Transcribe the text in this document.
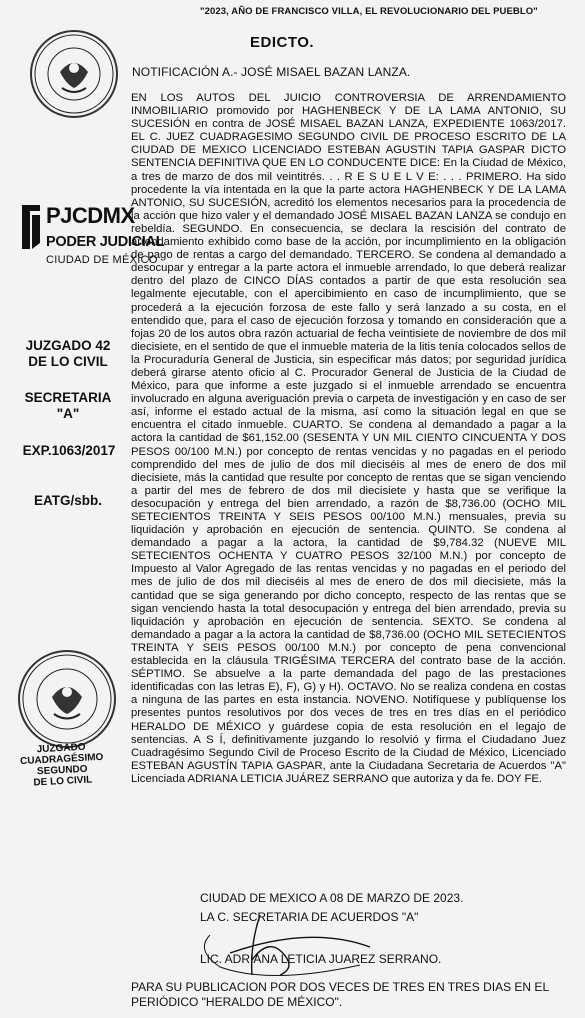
"2023, AÑO DE FRANCISCO VILLA, EL REVOLUCIONARIO DEL PUEBLO"
EDICTO.
NOTIFICACIÓN A.- JOSÉ MISAEL BAZAN LANZA.
PJCDMX
PODER JUDICIAL
CIUDAD DE MÉXICO
JUZGADO 42
DE LO CIVIL
SECRETARIA
"A"
EXP.1063/2017
EATG/sbb.
JUZGADO CUADRAGÉSIMO SEGUNDO
DE LO CIVIL
EN LOS AUTOS DEL JUICIO CONTROVERSIA DE ARRENDAMIENTO INMOBILIARIO promovido por HAGHENBECK Y DE LA LAMA ANTONIO, SU SUCESIÓN en contra de JOSÉ MISAEL BAZAN LANZA, EXPEDIENTE 1063/2017. EL C. JUEZ CUADRAGESIMO SEGUNDO CIVIL DE PROCESO ESCRITO DE LA CIUDAD DE MEXICO LICENCIADO ESTEBAN AGUSTIN TAPIA GASPAR DICTO SENTENCIA DEFINITIVA QUE EN LO CONDUCENTE DICE: En la Ciudad de México, a tres de marzo de dos mil veintitrés. . . R E S U E L V E: . . . PRIMERO. Ha sido procedente la vía intentada en la que la parte actora HAGHENBECK Y DE LA LAMA ANTONIO, SU SUCESIÓN, acreditó los elementos necesarios para la procedencia de la acción que hizo valer y el demandado JOSÉ MISAEL BAZAN LANZA se condujo en rebeldía. SEGUNDO. En consecuencia, se declara la rescisión del contrato de arrendamiento exhibido como base de la acción, por incumplimiento en la obligación de pago de rentas a cargo del demandado. TERCERO. Se condena al demandado a desocupar y entregar a la parte actora el inmueble arrendado, lo que deberá realizar dentro del plazo de CINCO DÍAS contados a partir de que esta resolución sea legalmente ejecutable, con el apercibimiento en caso de incumplimiento, que se procederá a la ejecución forzosa de este fallo y será lanzado a su costa, en el entendido que, para el caso de ejecución forzosa y tomando en consideración que a fojas 20 de los autos obra razón actuarial de fecha veintisiete de noviembre de dos mil diecisiete, en el sentido de que el inmueble materia de la litis tenía colocados sellos de la Procuraduría General de Justicia, sin especificar más datos; por seguridad jurídica deberá girarse atento oficio al C. Procurador General de Justicia de la Ciudad de México, para que informe a este juzgado si el inmueble arrendado se encuentra involucrado en alguna averiguación previa o carpeta de investigación y en caso de ser así, informe el estado actual de la misma, así como la situación legal en que se encuentra el citado inmueble. CUARTO. Se condena al demandado a pagar a la actora la cantidad de $61,152.00 (SESENTA Y UN MIL CIENTO CINCUENTA Y DOS PESOS 00/100 M.N.) por concepto de rentas vencidas y no pagadas en el periodo comprendido del mes de julio de dos mil dieciséis al mes de enero de dos mil diecisiete, más la cantidad que resulte por concepto de rentas que se sigan venciendo a partir del mes de febrero de dos mil diecisiete y hasta que se verifique la desocupación y entrega del bien arrendado, a razón de $8,736.00 (OCHO MIL SETECIENTOS TREINTA Y SEIS PESOS 00/100 M.N.) mensuales, previa su liquidación y aprobación en ejecución de sentencia. QUINTO. Se condena al demandado a pagar a la actora, la cantidad de $9,784.32 (NUEVE MIL SETECIENTOS OCHENTA Y CUATRO PESOS 32/100 M.N.) por concepto de Impuesto al Valor Agregado de las rentas vencidas y no pagadas en el periodo del mes de julio de dos mil dieciséis al mes de enero de dos mil diecisiete, más la cantidad que se siga generando por dicho concepto, respecto de las rentas que se sigan venciendo hasta la total desocupación y entrega del bien arrendado, previa su liquidación y aprobación en ejecución de sentencia. SEXTO. Se condena al demandado a pagar a la actora la cantidad de $8,736.00 (OCHO MIL SETECIENTOS TREINTA Y SEIS PESOS 00/100 M.N.) por concepto de pena convencional establecida en la cláusula TRIGÉSIMA TERCERA del contrato base de la acción. SÉPTIMO. Se absuelve a la parte demandada del pago de las prestaciones identificadas con las letras E), F), G) y H). OCTAVO. No se realiza condena en costas a ninguna de las partes en esta instancia. NOVENO. Notifíquese y publíquense los presentes puntos resolutivos por dos veces de tres en tres días en el periódico HERALDO DE MÉXICO y guárdese copia de esta resolución en el legajo de sentencias. A S Í, definitivamente juzgando lo resolvió y firma el Ciudadano Juez Cuadragésimo Segundo Civil de Proceso Escrito de la Ciudad de México, Licenciado ESTEBAN AGUSTÍN TAPIA GASPAR, ante la Ciudadana Secretaria de Acuerdos "A" Licenciada ADRIANA LETICIA JUÁREZ SERRANO que autoriza y da fe. DOY FE.
CIUDAD DE MEXICO A 08 DE MARZO DE 2023.
LA C. SECRETARIA DE ACUERDOS "A"
LIC. ADRIANA LETICIA JUAREZ SERRANO.
PARA SU PUBLICACION POR DOS VECES DE TRES EN TRES DIAS EN EL PERIÓDICO "HERALDO DE MÉXICO".
